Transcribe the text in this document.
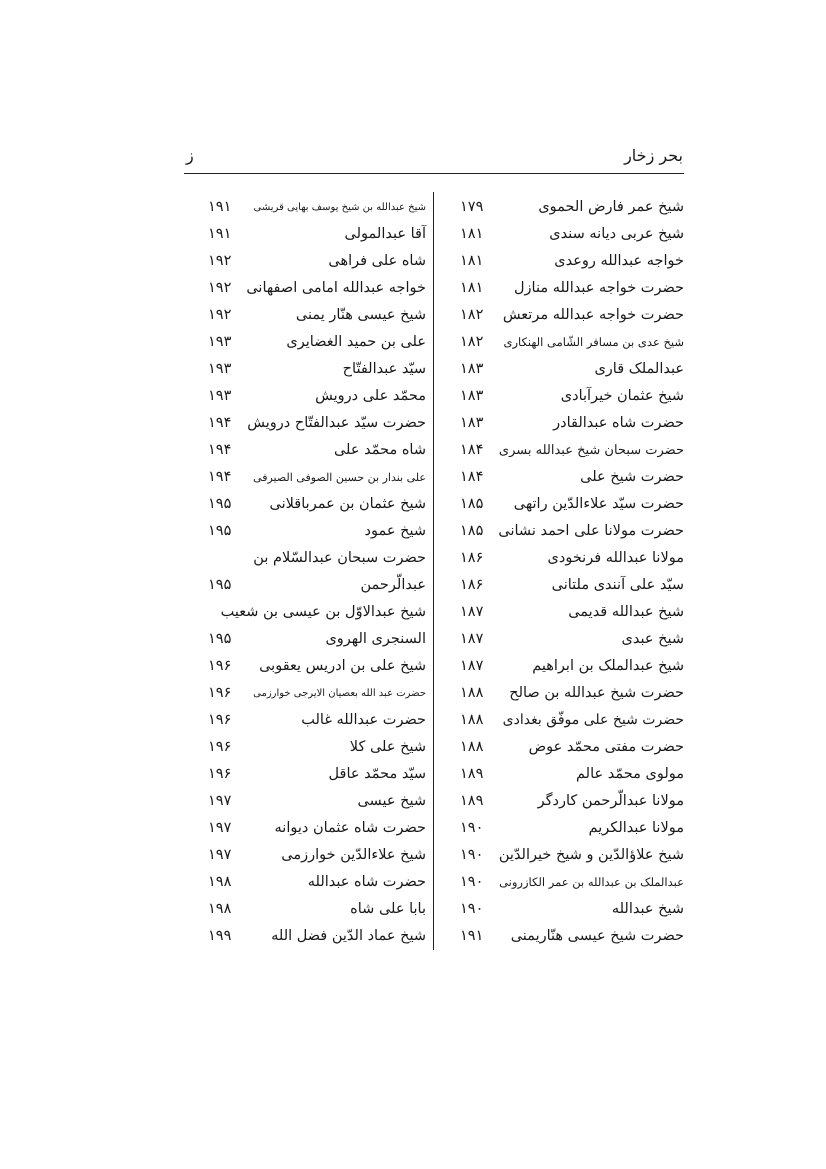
بحر زخار
ز
شیخ عمر فارض الحموی
۱۷۹
شیخ عربی دیانه سندی
۱۸۱
خواجه عبدالله روعدی
۱۸۱
حضرت خواجه عبدالله منازل
۱۸۱
حضرت خواجه عبدالله مرتعش
۱۸۲
شیخ عدی بن مسافر الشّامی الهنکاری
۱۸۲
عبدالملک قاری
۱۸۳
شیخ عثمان خیرآبادی
۱۸۳
حضرت شاه عبدالقادر
۱۸۳
حضرت سبحان شیخ عبدالله بسری
۱۸۴
حضرت شیخ علی
۱۸۴
حضرت سیّد علاءالدّین راتهی
۱۸۵
حضرت مولانا علی احمد نشانی
۱۸۵
مولانا عبدالله فرنخودی
۱۸۶
سیّد علی آنندی ملتانی
۱۸۶
شیخ عبدالله قدیمی
۱۸۷
شیخ عبدی
۱۸۷
شیخ عبدالملک بن ابراهیم
۱۸۷
حضرت شیخ عبدالله بن صالح
۱۸۸
حضرت شیخ علی موفّق بغدادی
۱۸۸
حضرت مفتی محمّد عوض
۱۸۸
مولوی محمّد عالم
۱۸۹
مولانا عبدالّرحمن کاردگر
۱۸۹
مولانا عبدالکریم
۱۹۰
شیخ علاؤالدّین و شیخ خیرالدّین
۱۹۰
عبدالملک بن عبدالله بن عمر الکازرونی
۱۹۰
شیخ عبدالله
۱۹۰
حضرت شیخ عیسی هنّاریمنی
۱۹۱
شیخ عبدالله بن شیخ یوسف بهایی قریشی
۱۹۱
آقا عبدالمولی
۱۹۱
شاه علی فراهی
۱۹۲
خواجه عبدالله امامی اصفهانی
۱۹۲
شیخ عیسی هنّار یمنی
۱۹۲
علی بن حمید الغضایری
۱۹۳
سیّد عبدالفتّاح
۱۹۳
محمّد علی درویش
۱۹۳
حضرت سیّد عبدالفتّاح درویش
۱۹۴
شاه محمّد علی
۱۹۴
علی بندار بن حسین الصوفی الصیرفی
۱۹۴
شیخ عثمان بن عمرباقلانی
۱۹۵
شیخ عمود
۱۹۵
حضرت سبحان عبدالسّلام بن
عبدالّرحمن
۱۹۵
شیخ عبدالاوّل بن عیسی بن شعیب
السنجری الهروی
۱۹۵
شیخ علی بن ادریس یعقوبی
۱۹۶
حضرت عبد الله بعصیان الایرجی خوارزمی
۱۹۶
حضرت عبدالله غالب
۱۹۶
شیخ علی کلا
۱۹۶
سیّد محمّد عاقل
۱۹۶
شیخ عیسی
۱۹۷
حضرت شاه عثمان دیوانه
۱۹۷
شیخ علاءالدّین خوارزمی
۱۹۷
حضرت شاه عبدالله
۱۹۸
بابا علی شاه
۱۹۸
شیخ عماد الدّین فضل الله
۱۹۹
